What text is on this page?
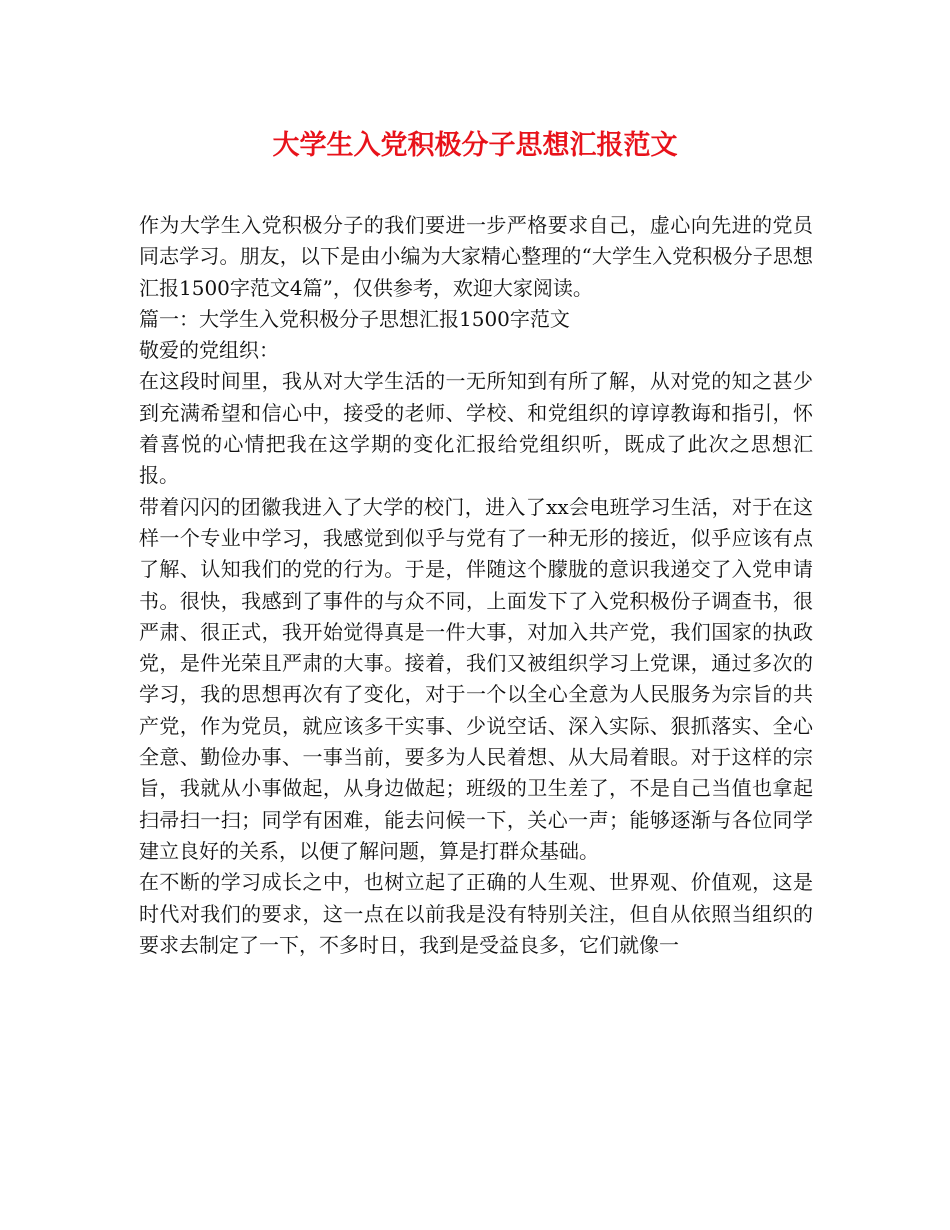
大学生入党积极分子思想汇报范文

作为大学生入党积极分子的我们要进一步严格要求自己，虚心向先进的党员同志学习。朋友，以下是由小编为大家精心整理的“大学生入党积极分子思想汇报1500字范文4篇”，仅供参考，欢迎大家阅读。

篇一：大学生入党积极分子思想汇报1500字范文

敬爱的党组织：

在这段时间里，我从对大学生活的一无所知到有所了解，从对党的知之甚少到充满希望和信心中，接受的老师、学校、和党组织的谆谆教诲和指引，怀着喜悦的心情把我在这学期的变化汇报给党组织听，既成了此次之思想汇报。

带着闪闪的团徽我进入了大学的校门，进入了xx会电班学习生活，对于在这样一个专业中学习，我感觉到似乎与党有了一种无形的接近，似乎应该有点了解、认知我们的党的行为。于是，伴随这个朦胧的意识我递交了入党申请书。很快，我感到了事件的与众不同，上面发下了入党积极份子调查书，很严肃、很正式，我开始觉得真是一件大事，对加入共产党，我们国家的执政党，是件光荣且严肃的大事。接着，我们又被组织学习上党课，通过多次的学习，我的思想再次有了变化，对于一个以全心全意为人民服务为宗旨的共产党，作为党员，就应该多干实事、少说空话、深入实际、狠抓落实、全心全意、勤俭办事、一事当前，要多为人民着想、从大局着眼。对于这样的宗旨，我就从小事做起，从身边做起；班级的卫生差了，不是自己当值也拿起扫帚扫一扫；同学有困难，能去问候一下，关心一声；能够逐渐与各位同学建立良好的关系，以便了解问题，算是打群众基础。

在不断的学习成长之中，也树立起了正确的人生观、世界观、价值观，这是时代对我们的要求，这一点在以前我是没有特别关注，但自从依照当组织的要求去制定了一下，不多时日，我到是受益良多，它们就像一
